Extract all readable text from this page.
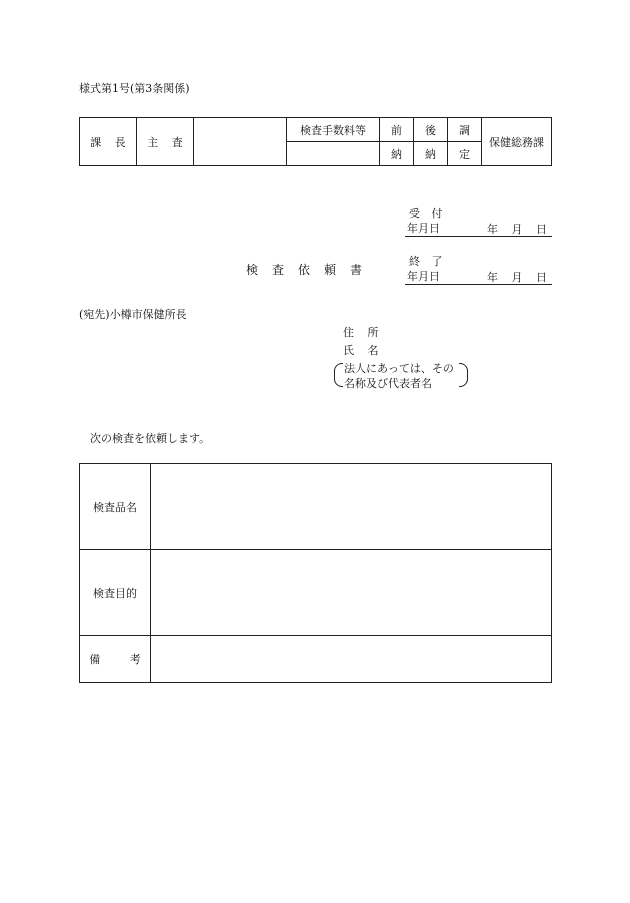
様式第1号(第3条関係)
課 長	主 査		検査手数料等	前	後	調	保健総務課
				納	納	定	
受 付
年月日	年 月 日
終 了
年月日	年 月 日
検査依頼書
(宛先)小樽市保健所長
住 所
氏 名
法人にあっては、その
名称及び代表者名
次の検査を依頼します。
検査品名	
検査目的	
備 考	
